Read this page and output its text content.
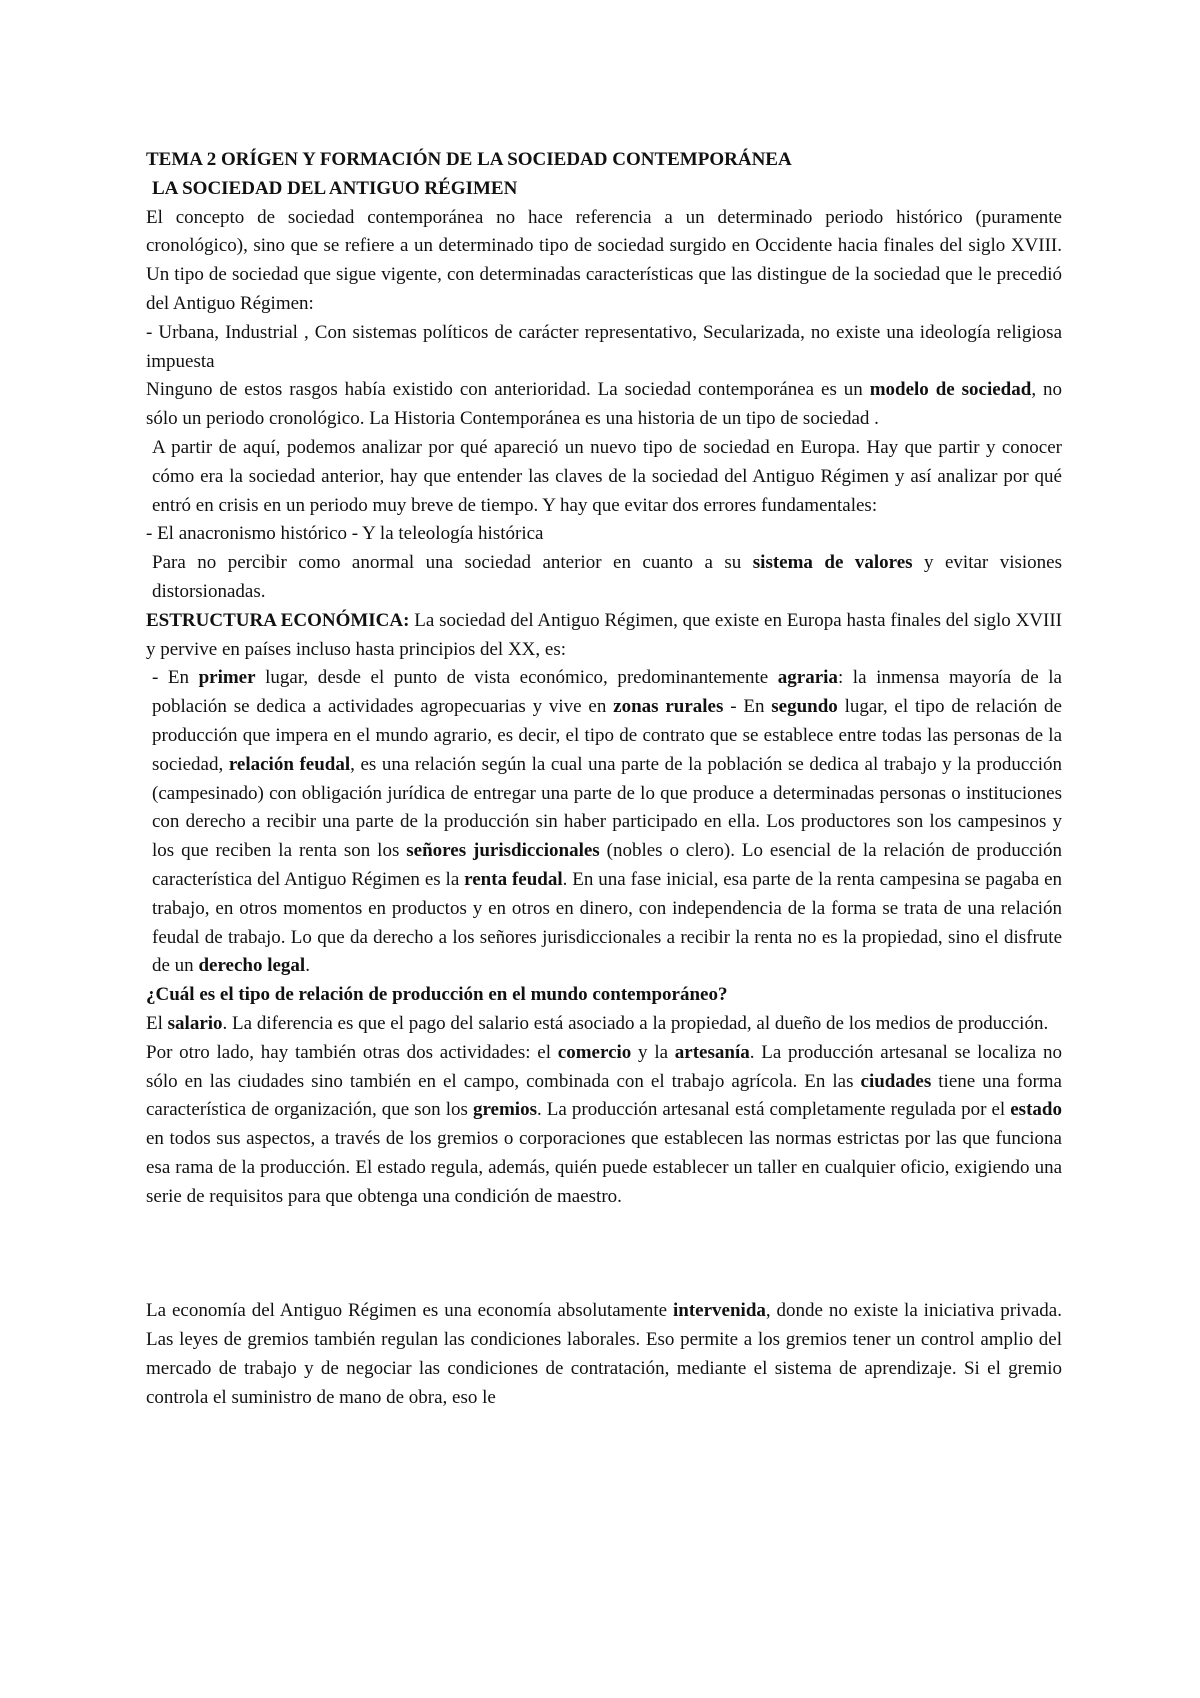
TEMA 2 ORÍGEN Y FORMACIÓN DE LA SOCIEDAD CONTEMPORÁNEA

LA SOCIEDAD DEL ANTIGUO RÉGIMEN

El concepto de sociedad contemporánea no hace referencia a un determinado periodo histórico (puramente cronológico), sino que se refiere a un determinado tipo de sociedad surgido en Occidente hacia finales del siglo XVIII. Un tipo de sociedad que sigue vigente, con determinadas características que las distingue de la sociedad que le precedió del Antiguo Régimen:

- Urbana, Industrial , Con sistemas políticos de carácter representativo, Secularizada, no existe una ideología religiosa impuesta

Ninguno de estos rasgos había existido con anterioridad. La sociedad contemporánea es un modelo de sociedad, no sólo un periodo cronológico. La Historia Contemporánea es una historia de un tipo de sociedad .

A partir de aquí, podemos analizar por qué apareció un nuevo tipo de sociedad en Europa. Hay que partir y conocer cómo era la sociedad anterior, hay que entender las claves de la sociedad del Antiguo Régimen y así analizar por qué entró en crisis en un periodo muy breve de tiempo. Y hay que evitar dos errores fundamentales:

- El anacronismo histórico - Y la teleología histórica

Para no percibir como anormal una sociedad anterior en cuanto a su sistema de valores y evitar visiones distorsionadas.

ESTRUCTURA ECONÓMICA: La sociedad del Antiguo Régimen, que existe en Europa hasta finales del siglo XVIII y pervive en países incluso hasta principios del XX, es:

- En primer lugar, desde el punto de vista económico, predominantemente agraria: la inmensa mayoría de la población se dedica a actividades agropecuarias y vive en zonas rurales - En segundo lugar, el tipo de relación de producción que impera en el mundo agrario, es decir, el tipo de contrato que se establece entre todas las personas de la sociedad, relación feudal, es una relación según la cual una parte de la población se dedica al trabajo y la producción (campesinado) con obligación jurídica de entregar una parte de lo que produce a determinadas personas o instituciones con derecho a recibir una parte de la producción sin haber participado en ella. Los productores son los campesinos y los que reciben la renta son los señores jurisdiccionales (nobles o clero). Lo esencial de la relación de producción característica del Antiguo Régimen es la renta feudal. En una fase inicial, esa parte de la renta campesina se pagaba en trabajo, en otros momentos en productos y en otros en dinero, con independencia de la forma se trata de una relación feudal de trabajo. Lo que da derecho a los señores jurisdiccionales a recibir la renta no es la propiedad, sino el disfrute de un derecho legal.

¿Cuál es el tipo de relación de producción en el mundo contemporáneo?

El salario. La diferencia es que el pago del salario está asociado a la propiedad, al dueño de los medios de producción.

Por otro lado, hay también otras dos actividades: el comercio y la artesanía. La producción artesanal se localiza no sólo en las ciudades sino también en el campo, combinada con el trabajo agrícola. En las ciudades tiene una forma característica de organización, que son los gremios. La producción artesanal está completamente regulada por el estado en todos sus aspectos, a través de los gremios o corporaciones que establecen las normas estrictas por las que funciona esa rama de la producción. El estado regula, además, quién puede establecer un taller en cualquier oficio, exigiendo una serie de requisitos para que obtenga una condición de maestro.

La economía del Antiguo Régimen es una economía absolutamente intervenida, donde no existe la iniciativa privada. Las leyes de gremios también regulan las condiciones laborales. Eso permite a los gremios tener un control amplio del mercado de trabajo y de negociar las condiciones de contratación, mediante el sistema de aprendizaje. Si el gremio controla el suministro de mano de obra, eso le
